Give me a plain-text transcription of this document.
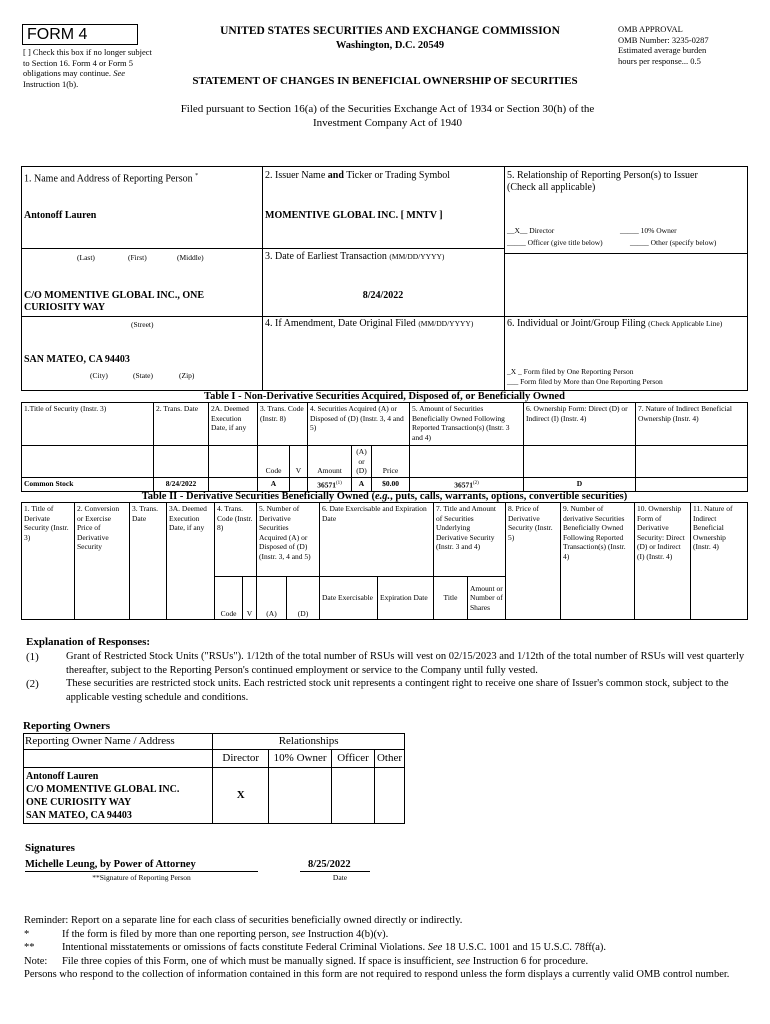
FORM 4
[ ] Check this box if no longer subject to Section 16. Form 4 or Form 5 obligations may continue. See Instruction 1(b).
UNITED STATES SECURITIES AND EXCHANGE COMMISSION
Washington, D.C. 20549
OMB APPROVAL
OMB Number: 3235-0287
Estimated average burden
hours per response... 0.5
STATEMENT OF CHANGES IN BENEFICIAL OWNERSHIP OF SECURITIES
Filed pursuant to Section 16(a) of the Securities Exchange Act of 1934 or Section 30(h) of the Investment Company Act of 1940
1. Name and Address of Reporting Person *
Antonoff Lauren
(Last)	(First)	(Middle)
C/O MOMENTIVE GLOBAL INC., ONE CURIOSITY WAY
(Street)
SAN MATEO, CA 94403
(City)	(State)	(Zip)
2. Issuer Name and Ticker or Trading Symbol
MOMENTIVE GLOBAL INC. [ MNTV ]
3. Date of Earliest Transaction (MM/DD/YYYY)
8/24/2022
4. If Amendment, Date Original Filed (MM/DD/YYYY)
5. Relationship of Reporting Person(s) to Issuer
(Check all applicable)
__X__ Director	_____ 10% Owner
_____ Officer (give title below)	_____ Other (specify below)
6. Individual or Joint/Group Filing (Check Applicable Line)
_X _ Form filed by One Reporting Person
___ Form filed by More than One Reporting Person
Table I - Non-Derivative Securities Acquired, Disposed of, or Beneficially Owned
1.Title of Security (Instr. 3)	2. Trans. Date	2A. Deemed Execution Date, if any	3. Trans. Code (Instr. 8)		4. Securities Acquired (A) or Disposed of (D) (Instr. 3, 4 and 5)			5. Amount of Securities Beneficially Owned Following Reported Transaction(s) (Instr. 3 and 4)	6. Ownership Form: Direct (D) or Indirect (I) (Instr. 4)	7. Nature of Indirect Beneficial Ownership (Instr. 4)
			Code	V	Amount	(A) or (D)	Price			
Common Stock	8/24/2022		A		36571$^{(1)}$	A	$0.00	36571$^{(2)}$	D	
Table II - Derivative Securities Beneficially Owned (e.g., puts, calls, warrants, options, convertible securities)
1. Title of Derivate Security (Instr. 3)	2. Conversion or Exercise Price of Derivative Security	3. Trans. Date	3A. Deemed Execution Date, if any	4. Trans. Code (Instr. 8)		5. Number of Derivative Securities Acquired (A) or Disposed of (D) (Instr. 3, 4 and 5)		6. Date Exercisable and Expiration Date		7. Title and Amount of Securities Underlying Derivative Security (Instr. 3 and 4)		8. Price of Derivative Security (Instr. 5)	9. Number of derivative Securities Beneficially Owned Following Reported Transaction(s) (Instr. 4)	10. Ownership Form of Derivative Security: Direct (D) or Indirect (I) (Instr. 4)	11. Nature of Indirect Beneficial Ownership (Instr. 4)
				Code	V	(A)	(D)	Date Exercisable	Expiration Date	Title	Amount or Number of Shares				
Explanation of Responses:
(1)	Grant of Restricted Stock Units ("RSUs"). 1/12th of the total number of RSUs will vest on 02/15/2023 and 1/12th of the total number of RSUs will vest quarterly thereafter, subject to the Reporting Person's continued employment or service to the Company until fully vested.
(2)	These securities are restricted stock units. Each restricted stock unit represents a contingent right to receive one share of Issuer's common stock, subject to the applicable vesting schedule and conditions.
Reporting Owners
Reporting Owner Name / Address	Relationships			
	Director	10% Owner	Officer	Other

Antonoff Lauren
C/O MOMENTIVE GLOBAL INC.
ONE CURIOSITY WAY
SAN MATEO, CA 94403	X			
Signatures
Michelle Leung, by Power of Attorney
**Signature of Reporting Person
8/25/2022
Date
Reminder: Report on a separate line for each class of securities beneficially owned directly or indirectly.
*	If the form is filed by more than one reporting person, see Instruction 4(b)(v).
**	Intentional misstatements or omissions of facts constitute Federal Criminal Violations. See 18 U.S.C. 1001 and 15 U.S.C. 78ff(a).
Note: File three copies of this Form, one of which must be manually signed. If space is insufficient, see Instruction 6 for procedure.
Persons who respond to the collection of information contained in this form are not required to respond unless the form displays a currently valid OMB control number.
